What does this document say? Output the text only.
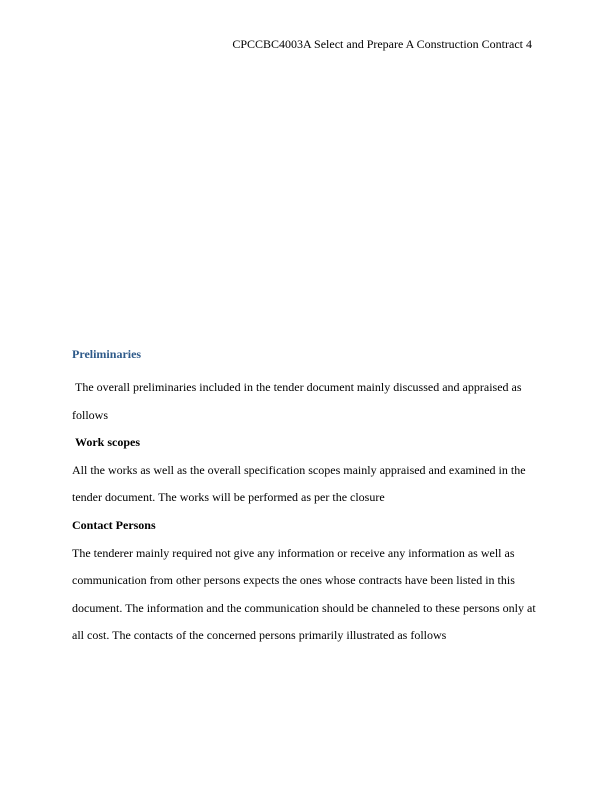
CPCCBC4003A Select and Prepare A Construction Contract 4
Preliminaries

The overall preliminaries included in the tender document mainly discussed and appraised as follows

Work scopes

All the works as well as the overall specification scopes mainly appraised and examined in the tender document. The works will be performed as per the closure

Contact Persons

The tenderer mainly required not give any information or receive any information as well as communication from other persons expects the ones whose contracts have been listed in this document. The information and the communication should be channeled to these persons only at all cost. The contacts of the concerned persons primarily illustrated as follows
